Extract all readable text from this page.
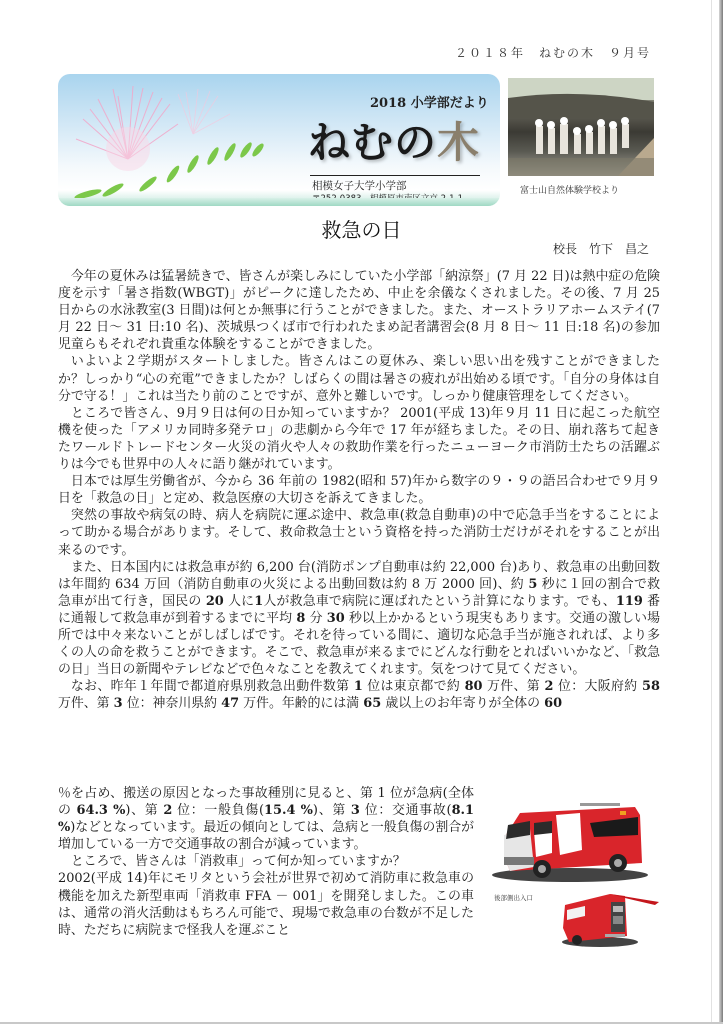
２０１８年　ねむの木　９月号
2018 小学部だより
ねむの木
相模女子大学小学部	富士山自然体験学校より
救急の日
校長　竹下　昌之

今年の夏休みは猛暑続きで、皆さんが楽しみにしていた小学部「納涼祭」(7 月 22 日)は熱中症の危険度を示す「暑さ指数(WBGT)」がピークに達したため、中止を余儀なくされました。その後、7 月 25 日からの水泳教室(3 日間)は何とか無事に行うことができました。また、オーストラリアホームステイ(7 月 22 日～ 31 日:10 名)、茨城県つくば市で行われたまめ記者講習会(8 月 8 日～ 11 日:18 名)の参加児童らもそれぞれ貴重な体験をすることができました。

いよいよ２学期がスタートしました。皆さんはこの夏休み、楽しい思い出を残すことができましたか？しっかり“心の充電”できましたか？しばらくの間は暑さの疲れが出始める頃です。「自分の身体は自分で守る！」これは当たり前のことですが、意外と難しいです。しっかり健康管理をしてください。

ところで皆さん、9月９日は何の日か知っていますか？ 2001(平成 13)年９月 11 日に起こった航空機を使った「アメリカ同時多発テロ」の悲劇から今年で 17 年が経ちました。その日、崩れ落ちて起きたワールドトレードセンター火災の消火や人々の救助作業を行ったニューヨーク市消防士たちの活躍ぶりは今でも世界中の人々に語り継がれています。

日本では厚生労働省が、今から 36 年前の 1982(昭和 57)年から数字の９・９の語呂合わせで９月９日を「救急の日」と定め、救急医療の大切さを訴えてきました。

突然の事故や病気の時、病人を病院に運ぶ途中、救急車(救急自動車)の中で応急手当をすることによって助かる場合があります。そして、救命救急士という資格を持った消防士だけがそれをすることが出来るのです。

また、日本国内には救急車が約 6,200 台(消防ポンプ自動車は約 22,000 台)あり、救急車の出動回数は年間約 634 万回（消防自動車の火災による出動回数は約 8 万 2000 回)、約 5 秒に１回の割合で救急車が出て行き，国民の 20 人に1人が救急車で病院に運ばれたという計算になります。でも、119 番に通報して救急車が到着するまでに平均 8 分 30 秒以上かかるという現実もあります。交通の激しい場所では中々来ないことがしばしばです。それを待っている間に、適切な応急手当が施されれば、より多くの人の命を救うことができます。そこで、救急車が来るまでにどんな行動をとればいいかなど、「救急の日」当日の新聞やテレビなどで色々なことを教えてくれます。気をつけて見てください。

なお、昨年１年間で都道府県別救急出動件数第 1 位は東京都で約 80 万件、第 2 位：大阪府約 58 万件、第 3 位：神奈川県約 47 万件。年齢的には満 65 歳以上のお年寄りが全体の 60

％を占め、搬送の原因となった事故種別に見ると、第 1 位が急病(全体の 64.3 %)、第 2 位：一般負傷(15.4 %)、第 3 位：交通事故(8.1 %)などとなっています。最近の傾向としては、急病と一般負傷の割合が増加している一方で交通事故の割合が減っています。

ところで、皆さんは「消救車」って何か知っていますか？

2002(平成 14)年にモリタという会社が世界で初めて消防車に救急車の機能を加えた新型車両「消救車 FFA － 001」を開発しました。この車は、通常の消火活動はもちろん可能で、現場で救急車の台数が不足した時、ただちに病院まで怪我人を運ぶこと

後部側出入口
